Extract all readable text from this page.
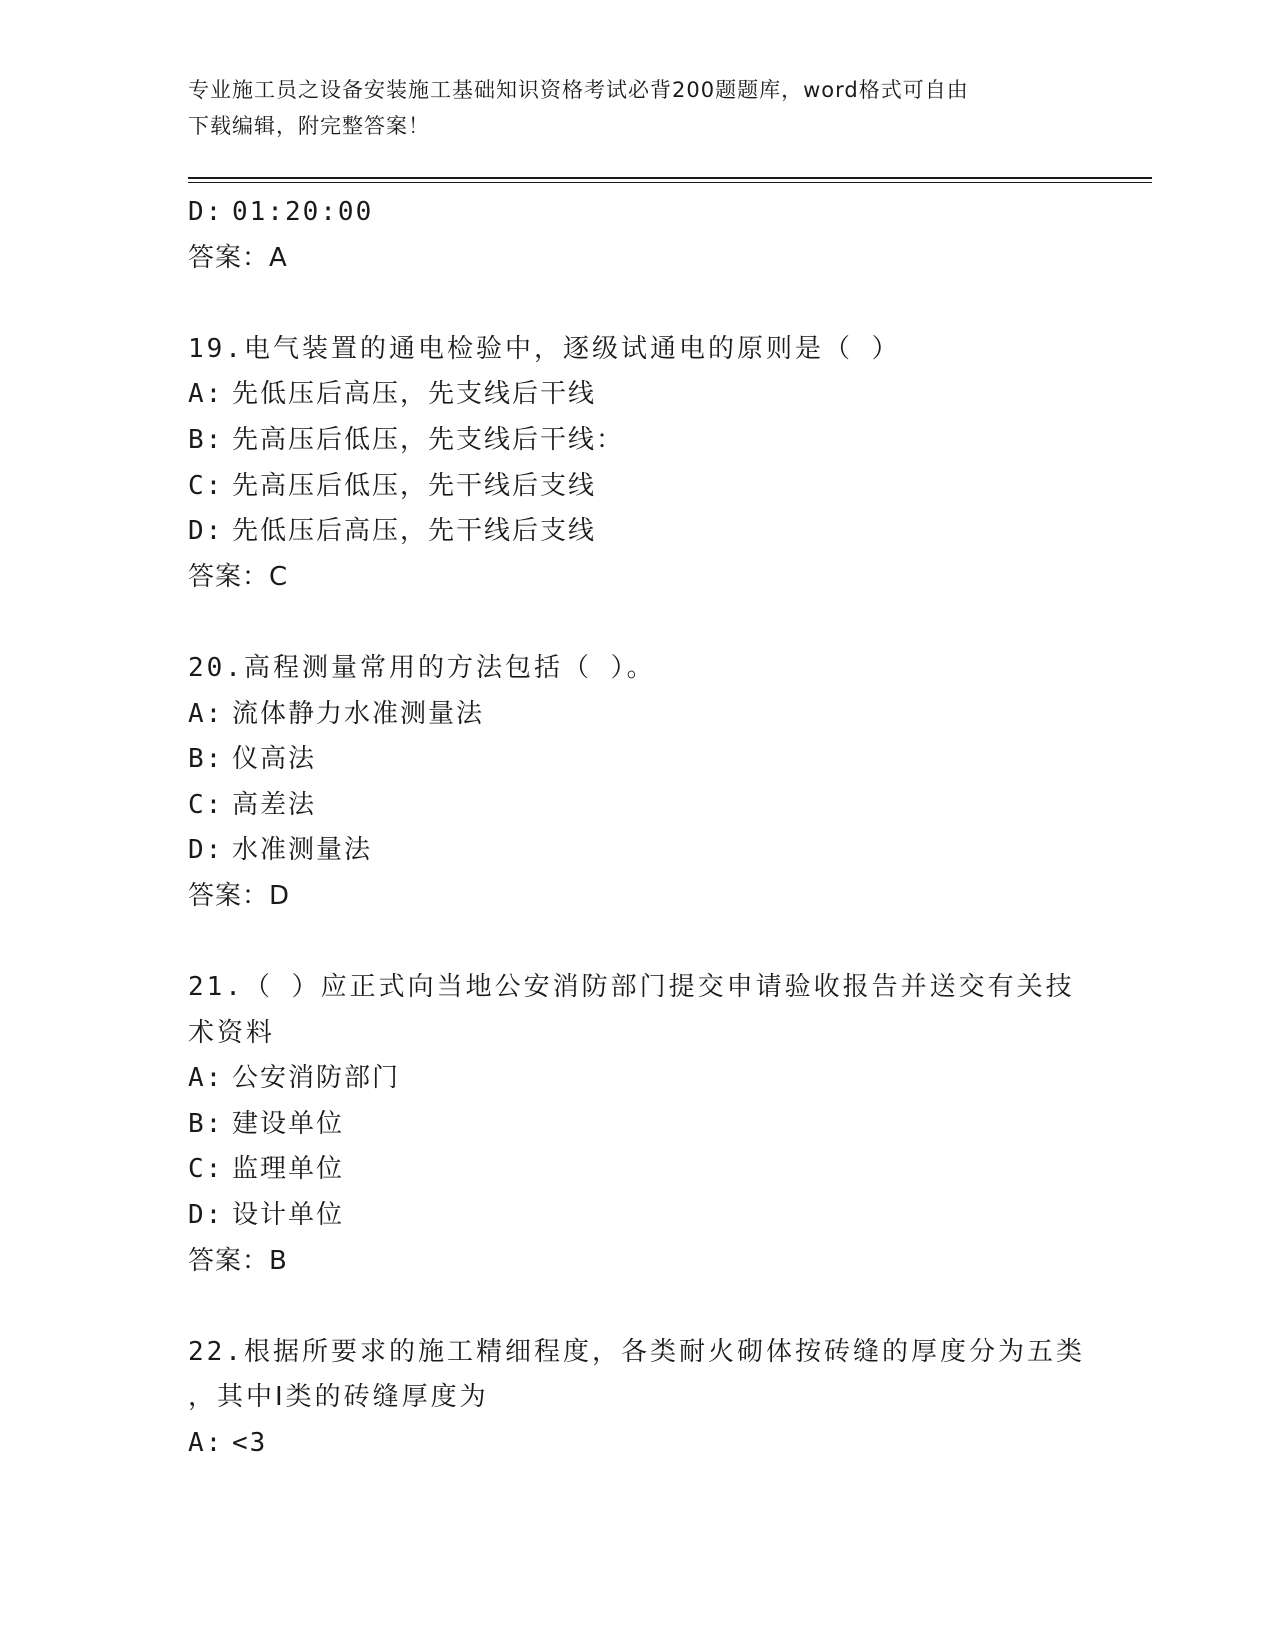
专业施工员之设备安装施工基础知识资格考试必背200题题库，word格式可自由
下载编辑，附完整答案！
D: 01:20:00
答案：A
19.电气装置的通电检验中，逐级试通电的原则是（ ）
A: 先低压后高压，先支线后干线
B: 先高压后低压，先支线后干线：
C: 先高压后低压，先干线后支线
D: 先低压后高压，先干线后支线
答案：C
20.高程测量常用的方法包括（ ）。
A: 流体静力水准测量法
B: 仪高法
C: 高差法
D: 水准测量法
答案：D
21.（ ）应正式向当地公安消防部门提交申请验收报告并送交有关技
术资料
A: 公安消防部门
B: 建设单位
C: 监理单位
D: 设计单位
答案：B
22.根据所要求的施工精细程度，各类耐火砌体按砖缝的厚度分为五类
，其中Ⅰ类的砖缝厚度为
A: <3
